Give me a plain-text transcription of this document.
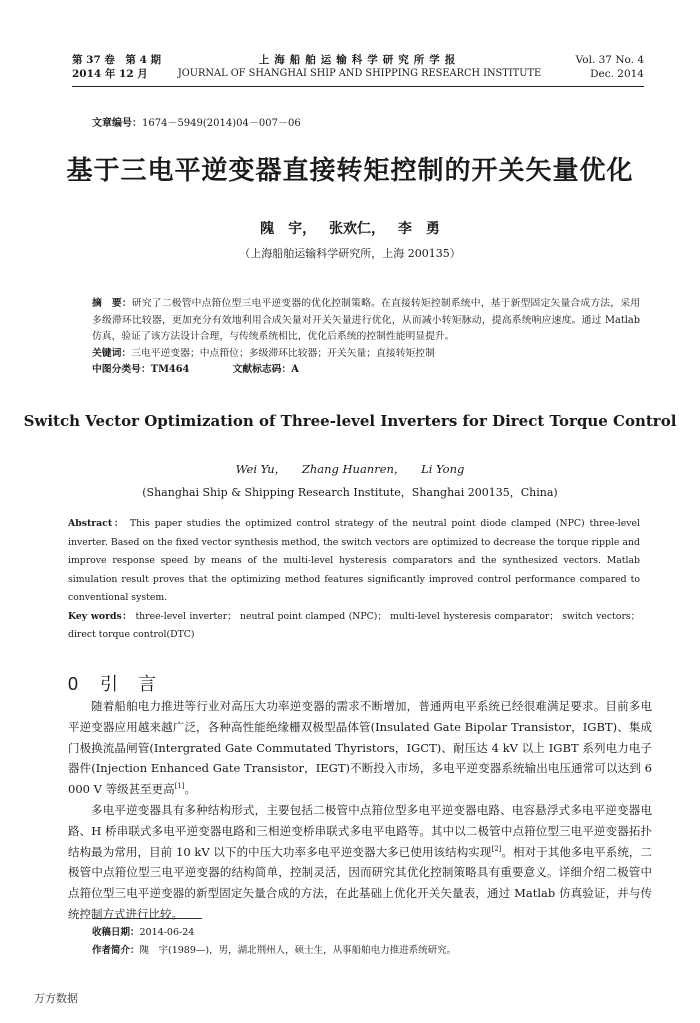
第 37 卷　第 4 期
2014 年 12 月
上海船舶运输科学研究所学报
JOURNAL OF SHANGHAI SHIP AND SHIPPING RESEARCH INSTITUTE
Vol. 37 No. 4
Dec. 2014
文章编号：1674－5949(2014)04－007－06
基于三电平逆变器直接转矩控制的开关矢量优化
隗　宇， 张欢仁， 李　勇
（上海船舶运输科学研究所，上海 200135）

摘　要：研究了二极管中点箝位型三电平逆变器的优化控制策略。在直接转矩控制系统中，基于新型固定矢量合成方法，采用多级滞环比较器，更加充分有效地利用合成矢量对开关矢量进行优化，从而减小转矩脉动，提高系统响应速度。通过 Matlab 仿真，验证了该方法设计合理，与传统系统相比，优化后系统的控制性能明显提升。

关键词：三电平逆变器；中点箝位；多级滞环比较器；开关矢量；直接转矩控制

中图分类号：TM464	文献标志码：A

Switch Vector Optimization of Three-level Inverters for Direct Torque Control
Wei Yu， Zhang Huanren， Li Yong
(Shanghai Ship & Shipping Research Institute，Shanghai 200135，China)

Abstract： This paper studies the optimized control strategy of the neutral point diode clamped (NPC) three-level inverter. Based on the fixed vector synthesis method, the switch vectors are optimized to decrease the torque ripple and improve response speed by means of the multi-level hysteresis comparators and the synthesized vectors. Matlab simulation result proves that the optimizing method features significantly improved control performance compared to conventional system.

Key words： three-level inverter； neutral point clamped (NPC)； multi-level hysteresis comparator； switch vectors； direct torque control(DTC)

0 引言

随着船舶电力推进等行业对高压大功率逆变器的需求不断增加，普通两电平系统已经很难满足要求。目前多电平逆变器应用越来越广泛，各种高性能绝缘栅双极型晶体管(Insulated Gate Bipolar Transistor，IGBT)、集成门极换流晶闸管(Intergrated Gate Commutated Thyristors，IGCT)、耐压达 4 kV 以上 IGBT 系列电力电子器件(Injection Enhanced Gate Transistor，IEGT)不断投入市场，多电平逆变器系统输出电压通常可以达到 6 000 V 等级甚至更高[1]。

多电平逆变器具有多种结构形式，主要包括二极管中点箝位型多电平逆变器电路、电容悬浮式多电平逆变器电路、H 桥串联式多电平逆变器电路和三相逆变桥串联式多电平电路等。其中以二极管中点箝位型三电平逆变器拓扑结构最为常用，目前 10 kV 以下的中压大功率多电平逆变器大多已使用该结构实现[2]。相对于其他多电平系统，二极管中点箝位型三电平逆变器的结构简单，控制灵活，因而研究其优化控制策略具有重要意义。详细介绍二极管中点箝位型三电平逆变器的新型固定矢量合成的方法，在此基础上优化开关矢量表，通过 Matlab 仿真验证，并与传统控制方式进行比较。

收稿日期：2014-06-24
作者简介：隗　宇(1989—)，男，湖北荆州人，硕士生，从事船舶电力推进系统研究。
万方数据
